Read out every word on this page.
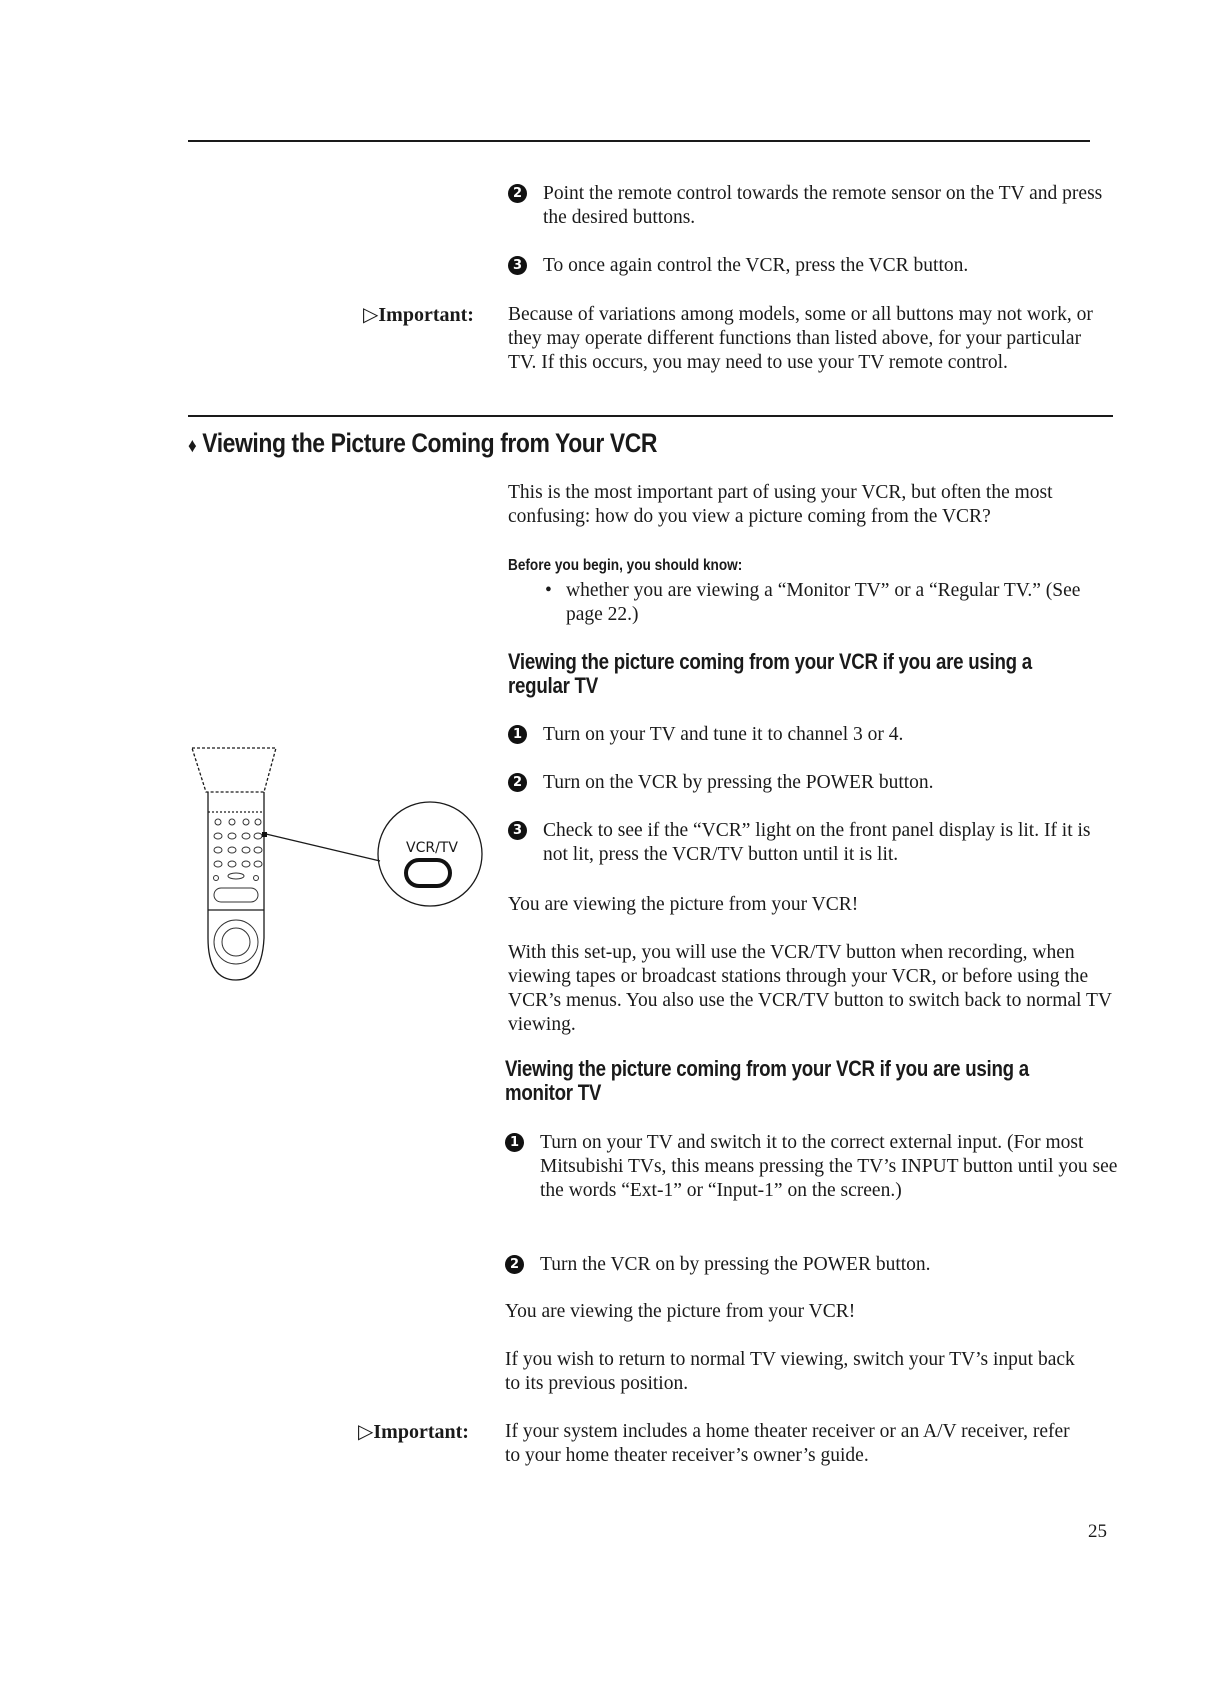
2 Point the remote control towards the remote sensor on the TV and press the desired buttons.
3 To once again control the VCR, press the VCR button.
▷Important: Because of variations among models, some or all buttons may not work, or they may operate different functions than listed above, for your particular TV. If this occurs, you may need to use your TV remote control.
♦ Viewing the Picture Coming from Your VCR
This is the most important part of using your VCR, but often the most confusing: how do you view a picture coming from the VCR?
Before you begin, you should know:
• whether you are viewing a “Monitor TV” or a “Regular TV.” (See page 22.)
Viewing the picture coming from your VCR if you are using a regular TV
1 Turn on your TV and tune it to channel 3 or 4.
2 Turn on the VCR by pressing the POWER button.
3 Check to see if the “VCR” light on the front panel display is lit. If it is not lit, press the VCR/TV button until it is lit.
You are viewing the picture from your VCR!
With this set-up, you will use the VCR/TV button when recording, when viewing tapes or broadcast stations through your VCR, or before using the VCR’s menus. You also use the VCR/TV button to switch back to normal TV viewing.
VCR/TV
Viewing the picture coming from your VCR if you are using a monitor TV
1 Turn on your TV and switch it to the correct external input. (For most Mitsubishi TVs, this means pressing the TV’s INPUT button until you see the words “Ext-1” or “Input-1” on the screen.)
2 Turn the VCR on by pressing the POWER button.
You are viewing the picture from your VCR!
If you wish to return to normal TV viewing, switch your TV’s input back to its previous position.
▷Important: If your system includes a home theater receiver or an A/V receiver, refer to your home theater receiver’s owner’s guide.
25
